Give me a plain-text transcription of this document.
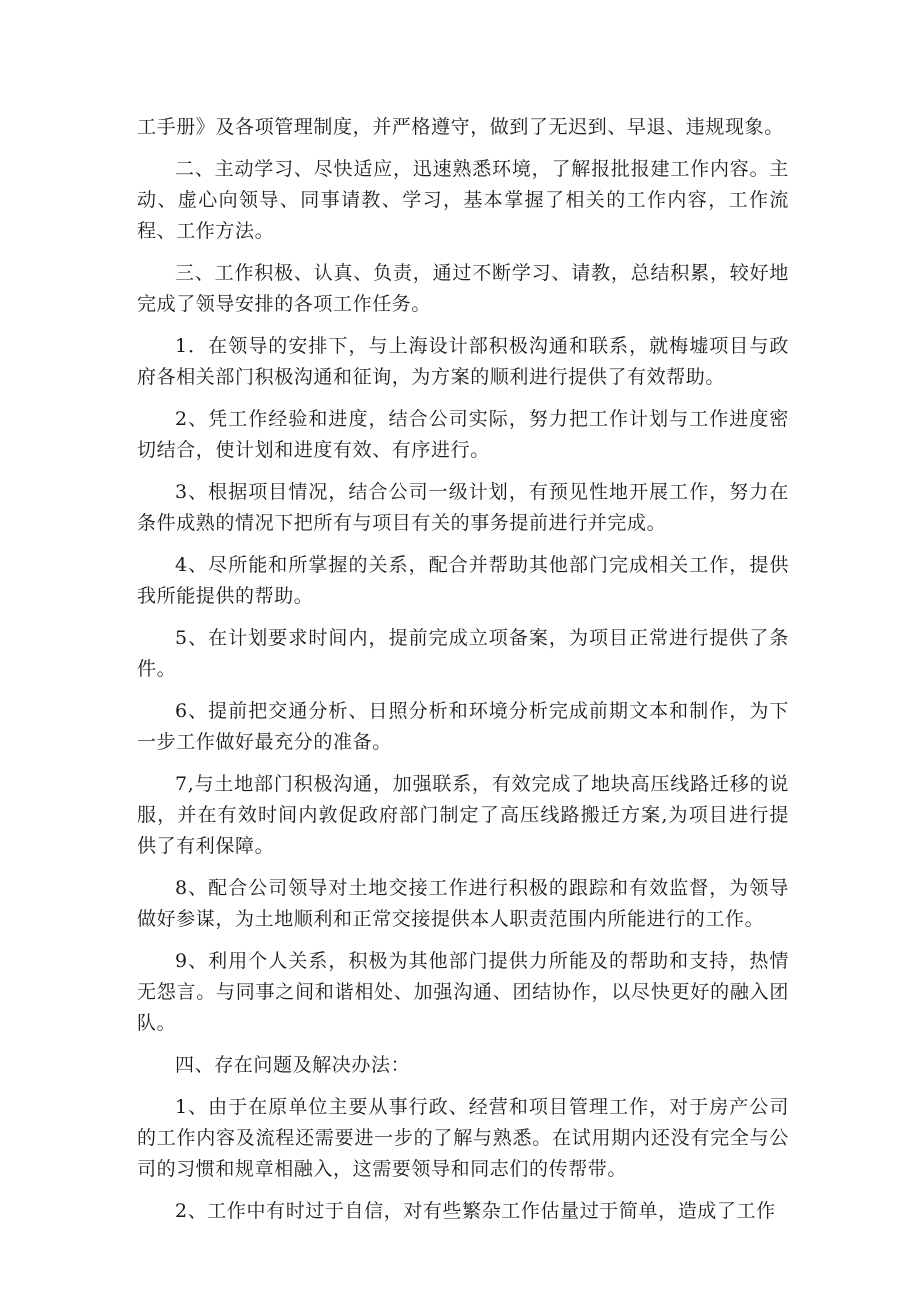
工手册》及各项管理制度，并严格遵守，做到了无迟到、早退、违规现象。

二、主动学习、尽快适应，迅速熟悉环境，了解报批报建工作内容。主动、虚心向领导、同事请教、学习，基本掌握了相关的工作内容，工作流程、工作方法。

三、工作积极、认真、负责，通过不断学习、请教，总结积累，较好地完成了领导安排的各项工作任务。

1．在领导的安排下，与上海设计部积极沟通和联系，就梅墟项目与政府各相关部门积极沟通和征询，为方案的顺利进行提供了有效帮助。

2、凭工作经验和进度，结合公司实际，努力把工作计划与工作进度密切结合，使计划和进度有效、有序进行。

3、根据项目情况，结合公司一级计划，有预见性地开展工作，努力在条件成熟的情况下把所有与项目有关的事务提前进行并完成。

4、尽所能和所掌握的关系，配合并帮助其他部门完成相关工作，提供我所能提供的帮助。

5、在计划要求时间内，提前完成立项备案，为项目正常进行提供了条件。

6、提前把交通分析、日照分析和环境分析完成前期文本和制作，为下一步工作做好最充分的准备。

7,与土地部门积极沟通，加强联系，有效完成了地块高压线路迁移的说服，并在有效时间内敦促政府部门制定了高压线路搬迁方案,为项目进行提供了有利保障。

8、配合公司领导对土地交接工作进行积极的跟踪和有效监督，为领导做好参谋，为土地顺利和正常交接提供本人职责范围内所能进行的工作。

9、利用个人关系，积极为其他部门提供力所能及的帮助和支持，热情无怨言。与同事之间和谐相处、加强沟通、团结协作，以尽快更好的融入团队。

四、存在问题及解决办法：

1、由于在原单位主要从事行政、经营和项目管理工作，对于房产公司的工作内容及流程还需要进一步的了解与熟悉。在试用期内还没有完全与公司的习惯和规章相融入，这需要领导和同志们的传帮带。

2、工作中有时过于自信，对有些繁杂工作估量过于简单，造成了工作
